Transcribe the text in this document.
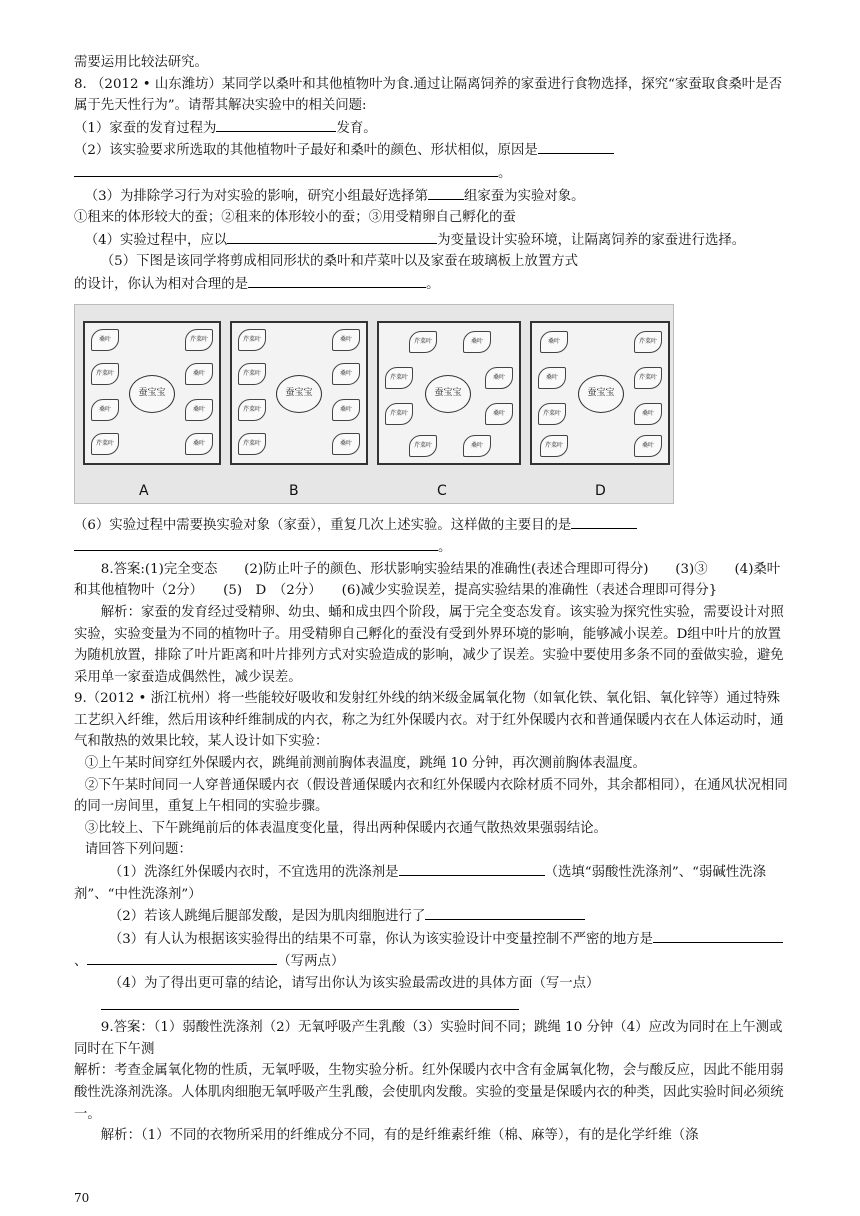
需要运用比较法研究。

8. （2012 • 山东潍坊）某同学以桑叶和其他植物叶为食.通过让隔离饲养的家蚕进行食物选择，探究“家蚕取食桑叶是否属于先天性行为”。请帮其解决实验中的相关问题:

（1）家蚕的发育过程为	发育。

（2）该实验要求所选取的其他植物叶子最好和桑叶的颜色、形状相似，原因是

。

（3）为排除学习行为对实验的影响，研究小组最好选择第	组家蚕为实验对象。

①租来的体形较大的蚕；②租来的体形较小的蚕；③用受精卵自己孵化的蚕

（4）实验过程中，应以	为变量设计实验环境，让隔离饲养的家蚕进行选择。

（5）下图是该同学将剪成相同形状的桑叶和芹菜叶以及家蚕在玻璃板上放置方式

的设计，你认为相对合理的是	。

蚕宝宝
桑叶
芹菜叶
桑叶
芹菜叶
芹菜叶
桑叶
桑叶
桑叶
蚕宝宝
芹菜叶
芹菜叶
芹菜叶
芹菜叶
桑叶
桑叶
桑叶
桑叶
蚕宝宝
芹菜叶	桑叶
芹菜叶	桑叶
芹菜叶	桑叶
芹菜叶	桑叶
蚕宝宝
桑叶	芹菜叶
桑叶	芹菜叶
芹菜叶	桑叶
芹菜叶	桑叶
A	B	C	D

（6）实验过程中需要换实验对象（家蚕），重复几次上述实验。这样做的主要目的是

。

8.答案:(1)完全变态　　(2)防止叶子的颜色、形状影响实验结果的准确性(表述合理即可得分)　　(3)③　　(4)桑叶和其他植物叶（2分）　　(5)　D　（2分）　　(6)减少实验误差，提高实验结果的准确性（表述合理即可得分}

解析：家蚕的发育经过受精卵、幼虫、蛹和成虫四个阶段，属于完全变态发育。该实验为探究性实验，需要设计对照实验，实验变量为不同的植物叶子。用受精卵自己孵化的蚕没有受到外界环境的影响，能够减小误差。D组中叶片的放置为随机放置，排除了叶片距离和叶片排列方式对实验造成的影响，减少了误差。实验中要使用多条不同的蚕做实验，避免采用单一家蚕造成偶然性，减少误差。

9.（2012 • 浙江杭州）将一些能较好吸收和发射红外线的纳米级金属氧化物（如氧化铁、氧化铝、氧化锌等）通过特殊工艺织入纤维，然后用该种纤维制成的内衣，称之为红外保暖内衣。对于红外保暖内衣和普通保暖内衣在人体运动时，通气和散热的效果比较，某人设计如下实验：

①上午某时间穿红外保暖内衣，跳绳前测前胸体表温度，跳绳 10 分钟，再次测前胸体表温度。

②下午某时间同一人穿普通保暖内衣（假设普通保暖内衣和红外保暖内衣除材质不同外，其余都相同），在通风状况相同的同一房间里，重复上午相同的实验步骤。

③比较上、下午跳绳前后的体表温度变化量，得出两种保暖内衣通气散热效果强弱结论。

请回答下列问题：

（1）洗涤红外保暖内衣时，不宜选用的洗涤剂是	（选填“弱酸性洗涤剂”、“弱碱性洗涤剂”、“中性洗涤剂”）

（2）若该人跳绳后腿部发酸，是因为肌肉细胞进行了

（3）有人认为根据该实验得出的结果不可靠，你认为该实验设计中变量控制不严密的地方是、	（写两点）

（4）为了得出更可靠的结论，请写出你认为该实验最需改进的具体方面（写一点）

9.答案：（1）弱酸性洗涤剂（2）无氧呼吸产生乳酸（3）实验时间不同；跳绳 10 分钟（4）应改为同时在上午测或同时在下午测

解析：考查金属氧化物的性质，无氧呼吸，生物实验分析。红外保暖内衣中含有金属氧化物，会与酸反应，因此不能用弱酸性洗涤剂洗涤。人体肌肉细胞无氧呼吸产生乳酸，会使肌肉发酸。实验的变量是保暖内衣的种类，因此实验时间必须统一。

解析：（1）不同的衣物所采用的纤维成分不同，有的是纤维素纤维（棉、麻等），有的是化学纤维（涤

70
